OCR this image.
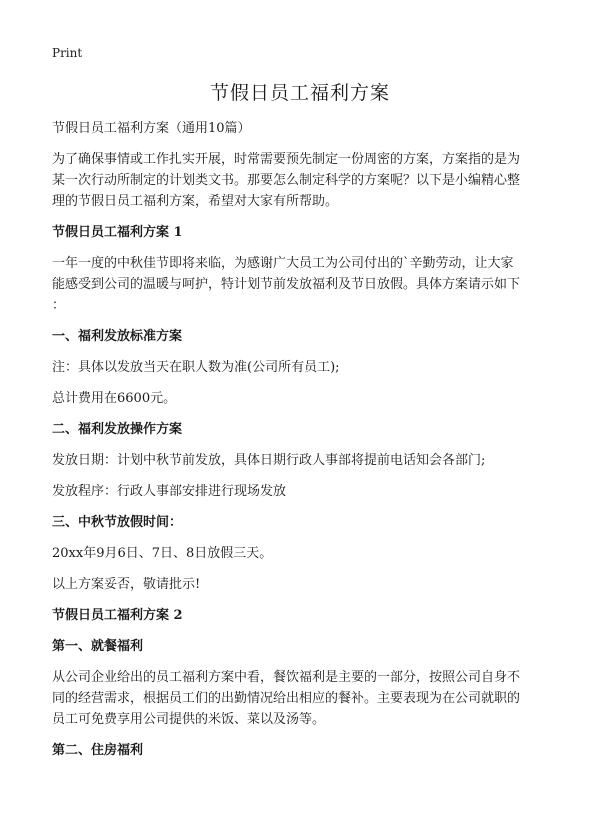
Print
节假日员工福利方案

节假日员工福利方案（通用10篇）

为了确保事情或工作扎实开展，时常需要预先制定一份周密的方案，方案指的是为

某一次行动所制定的计划类文书。那要怎么制定科学的方案呢？以下是小编精心整

理的节假日员工福利方案，希望对大家有所帮助。

节假日员工福利方案 1

一年一度的中秋佳节即将来临，为感谢广大员工为公司付出的`辛勤劳动，让大家

能感受到公司的温暖与呵护，特计划节前发放福利及节日放假。具体方案请示如下

：

一、福利发放标准方案

注：具体以发放当天在职人数为准(公司所有员工);

总计费用在6600元。

二、福利发放操作方案

发放日期：计划中秋节前发放，具体日期行政人事部将提前电话知会各部门;

发放程序：行政人事部安排进行现场发放

三、中秋节放假时间：

20xx年9月6日、7日、8日放假三天。

以上方案妥否，敬请批示!

节假日员工福利方案 2

第一、就餐福利

从公司企业给出的员工福利方案中看，餐饮福利是主要的一部分，按照公司自身不

同的经营需求，根据员工们的出勤情况给出相应的餐补。主要表现为在公司就职的

员工可免费享用公司提供的米饭、菜以及汤等。

第二、住房福利
